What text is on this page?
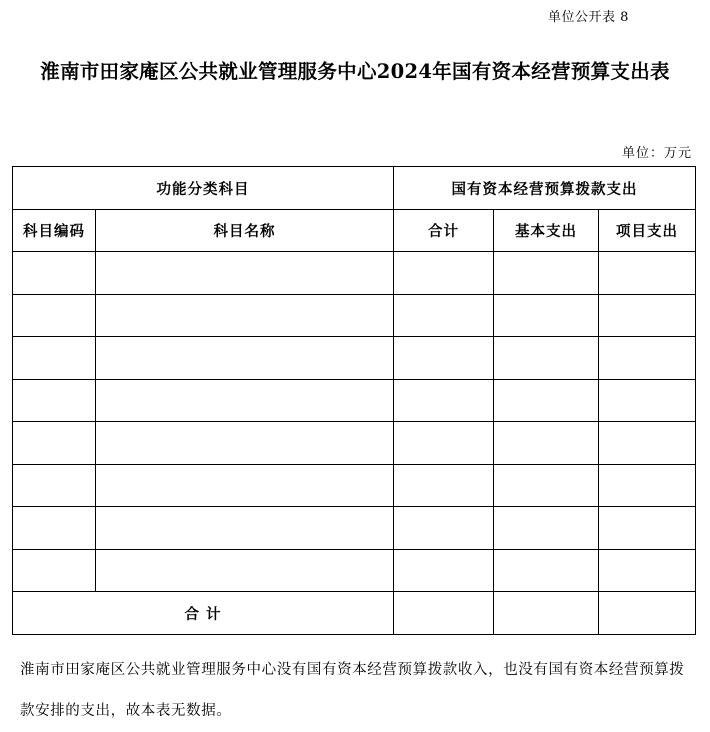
单位公开表 8
淮南市田家庵区公共就业管理服务中心2024年国有资本经营预算支出表
单位：万元
功能分类科目		国有资本经营预算拨款支出		
科目编码	科目名称	合计	基本支出	项目支出

合 计				
淮南市田家庵区公共就业管理服务中心没有国有资本经营预算拨款收入，也没有国有资本经营预算拨款安排的支出，故本表无数据。
